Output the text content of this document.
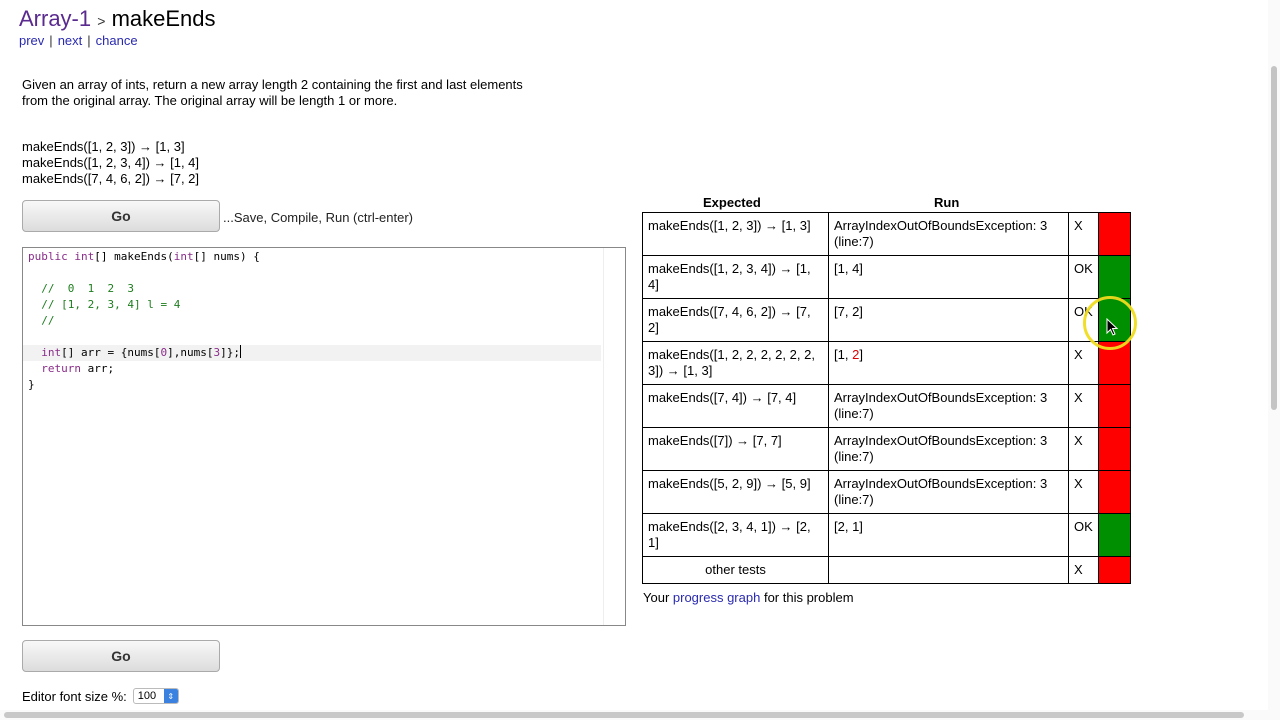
Array-1 > makeEnds
prev | next | chance
Given an array of ints, return a new array length 2 containing the first and last elements
from the original array. The original array will be length 1 or more.
makeEnds([1, 2, 3]) → [1, 3]
makeEnds([1, 2, 3, 4]) → [1, 4]
makeEnds([7, 4, 6, 2]) → [7, 2]
Go	...Save, Compile, Run (ctrl-enter)
public int[] makeEnds(int[] nums) {
//  0  1  2  3
// [1, 2, 3, 4] l = 4
//
int[] arr = {nums[0],nums[3]};
return arr;
}
Go
Editor font size %: 100	⇕
Expected	Run
makeEnds([1, 2, 3]) → [1, 3]	ArrayIndexOutOfBoundsException: 3 (line:7)	X	
makeEnds([1, 2, 3, 4]) → [1, 4]	[1, 4]	OK	
makeEnds([7, 4, 6, 2]) → [7, 2]	[7, 2]	OK	
makeEnds([1, 2, 2, 2, 2, 2, 2, 3]) → [1, 3]	[1, 2]	X	
makeEnds([7, 4]) → [7, 4]	ArrayIndexOutOfBoundsException: 3 (line:7)	X	
makeEnds([7]) → [7, 7]	ArrayIndexOutOfBoundsException: 3 (line:7)	X	
makeEnds([5, 2, 9]) → [5, 9]	ArrayIndexOutOfBoundsException: 3 (line:7)	X	
makeEnds([2, 3, 4, 1]) → [2, 1]	[2, 1]	OK	
other tests		X	
Your progress graph for this problem
